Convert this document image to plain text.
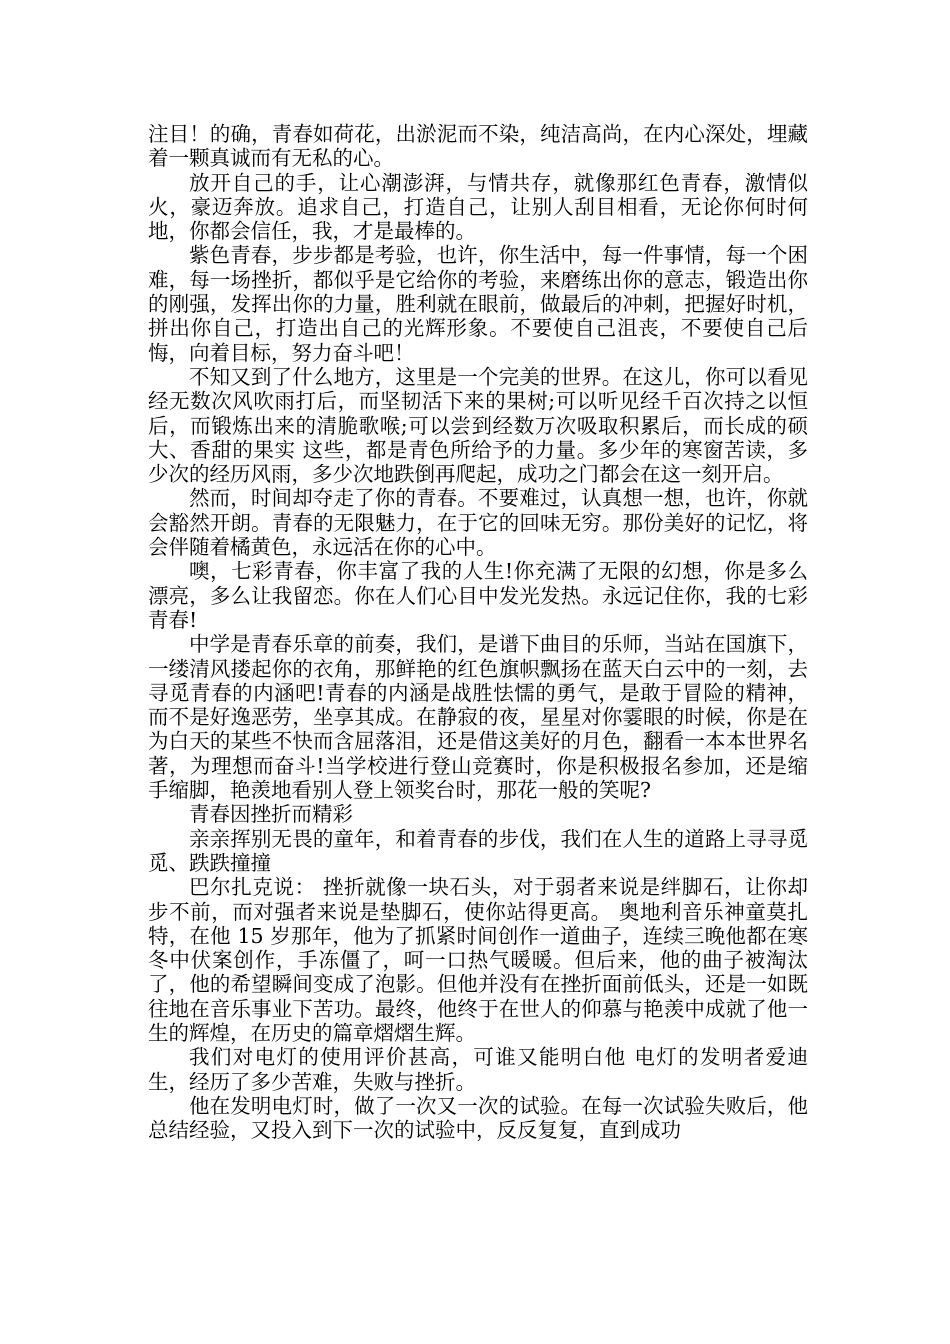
注目！的确，青春如荷花，出淤泥而不染，纯洁高尚，在内心深处，埋藏着一颗真诚而有无私的心。

放开自己的手，让心潮澎湃，与情共存，就像那红色青春，激情似火，豪迈奔放。追求自己，打造自己，让别人刮目相看，无论你何时何地，你都会信任，我，才是最棒的。

紫色青春，步步都是考验，也许，你生活中，每一件事情，每一个困难，每一场挫折，都似乎是它给你的考验，来磨练出你的意志，锻造出你的刚强，发挥出你的力量，胜利就在眼前，做最后的冲刺，把握好时机，拼出你自己，打造出自己的光辉形象。不要使自己沮丧，不要使自己后悔，向着目标，努力奋斗吧！

不知又到了什么地方，这里是一个完美的世界。在这儿，你可以看见经无数次风吹雨打后，而坚韧活下来的果树;可以听见经千百次持之以恒后，而锻炼出来的清脆歌喉;可以尝到经数万次吸取积累后，而长成的硕大、香甜的果实 这些，都是青色所给予的力量。多少年的寒窗苦读，多少次的经历风雨，多少次地跌倒再爬起，成功之门都会在这一刻开启。

然而，时间却夺走了你的青春。不要难过，认真想一想，也许，你就会豁然开朗。青春的无限魅力，在于它的回味无穷。那份美好的记忆，将会伴随着橘黄色，永远活在你的心中。

噢，七彩青春，你丰富了我的人生!你充满了无限的幻想，你是多么漂亮，多么让我留恋。你在人们心目中发光发热。永远记住你，我的七彩青春!

中学是青春乐章的前奏，我们，是谱下曲目的乐师，当站在国旗下，一缕清风搂起你的衣角，那鲜艳的红色旗帜飘扬在蓝天白云中的一刻，去寻觅青春的内涵吧!青春的内涵是战胜怯懦的勇气，是敢于冒险的精神，而不是好逸恶劳，坐享其成。在静寂的夜，星星对你霎眼的时候，你是在为白天的某些不快而含屈落泪，还是借这美好的月色，翻看一本本世界名著，为理想而奋斗!当学校进行登山竞赛时，你是积极报名参加，还是缩手缩脚，艳羡地看别人登上领奖台时，那花一般的笑呢?

青春因挫折而精彩

亲亲挥别无畏的童年，和着青春的步伐，我们在人生的道路上寻寻觅觅、跌跌撞撞

巴尔扎克说： 挫折就像一块石头，对于弱者来说是绊脚石，让你却步不前，而对强者来说是垫脚石，使你站得更高。 奥地利音乐神童莫扎特，在他 15 岁那年，他为了抓紧时间创作一道曲子，连续三晚他都在寒冬中伏案创作，手冻僵了，呵一口热气暖暖。但后来，他的曲子被淘汰了，他的希望瞬间变成了泡影。但他并没有在挫折面前低头，还是一如既往地在音乐事业下苦功。最终，他终于在世人的仰慕与艳羡中成就了他一生的辉煌，在历史的篇章熠熠生辉。

我们对电灯的使用评价甚高，可谁又能明白他 电灯的发明者爱迪生，经历了多少苦难，失败与挫折。

他在发明电灯时，做了一次又一次的试验。在每一次试验失败后，他总结经验，又投入到下一次的试验中，反反复复，直到成功
